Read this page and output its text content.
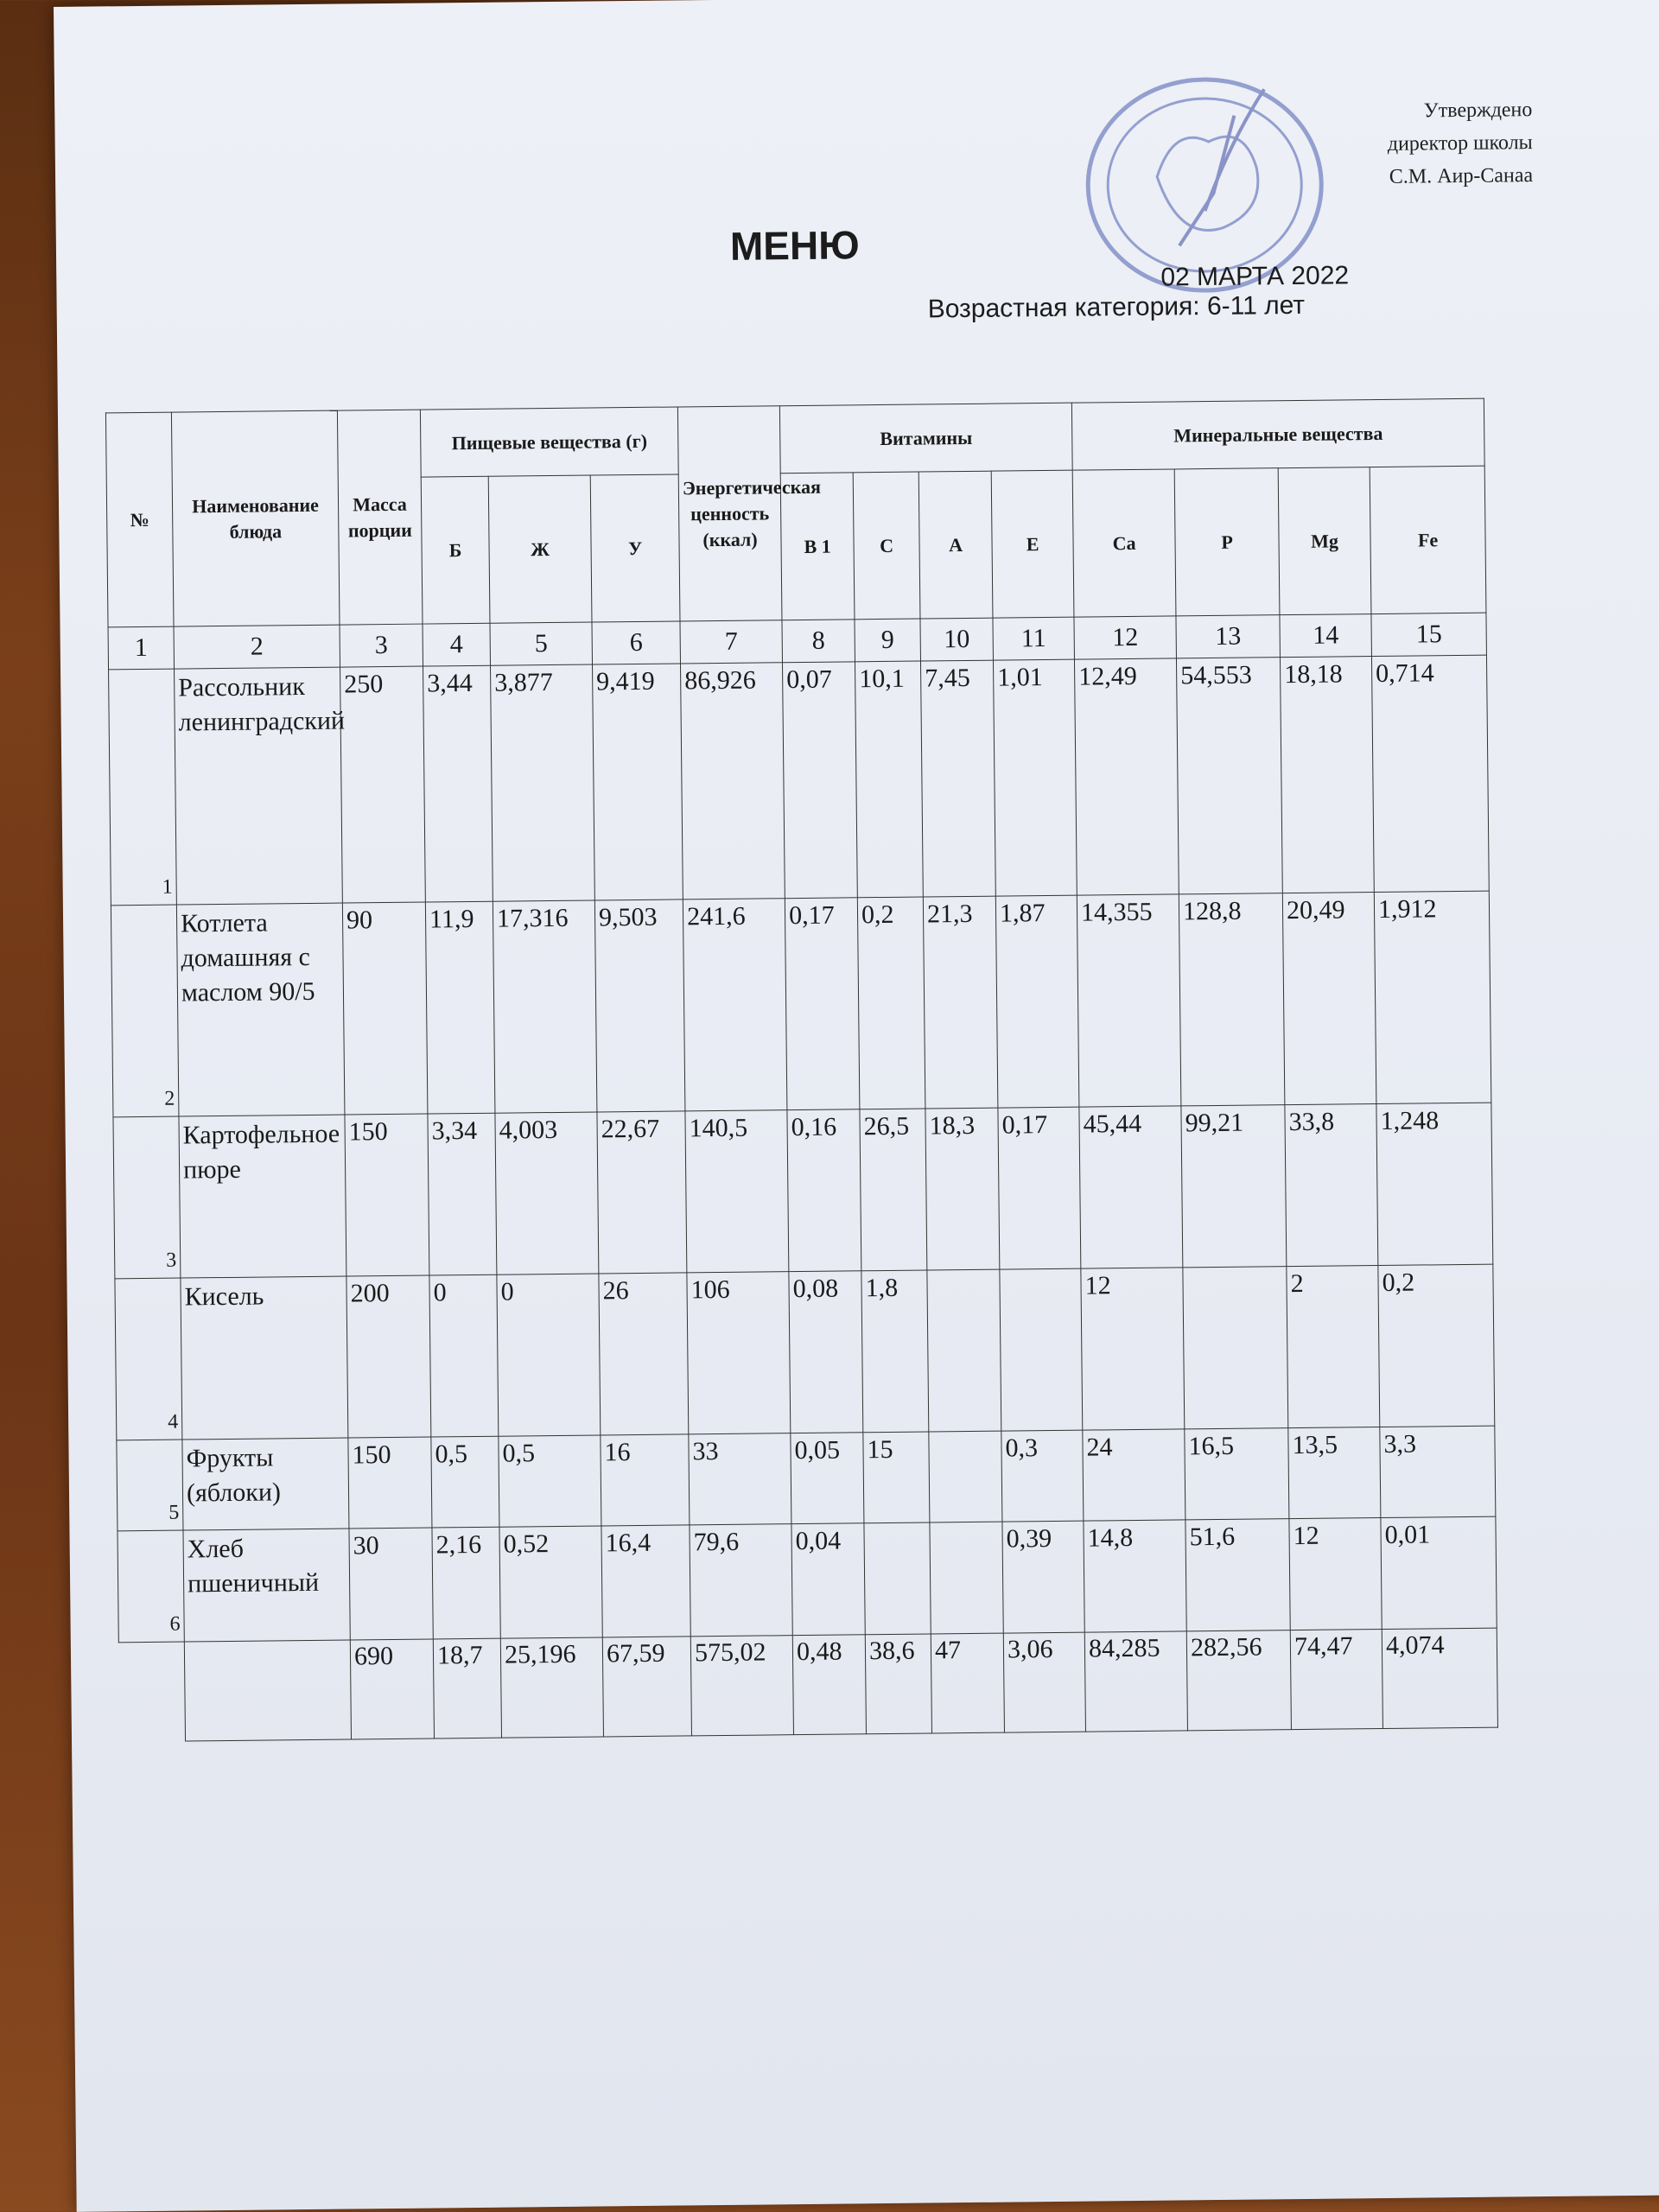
Утверждено
директор школы
С.М. Аир-Санаа
МЕНЮ
02 МАРТА 2022
Возрастная категория: 6-11 лет
№	Наименование блюда	Масса порции	Пищевые вещества (г)			Энергетическая ценность (ккал)	Витамины				Минеральные вещества			
			Б	Ж	У		В 1	С	А	Е	Ca	P	Mg	Fe
1	2	3	4	5	6	7	8	9	10	11	12	13	14	15
1	Рассольник ленинградский	250	3,44	3,877	9,419	86,926	0,07	10,1	7,45	1,01	12,49	54,553	18,18	0,714
2	Котлета домашняя с маслом 90/5	90	11,9	17,316	9,503	241,6	0,17	0,2	21,3	1,87	14,355	128,8	20,49	1,912
3	Картофельное пюре	150	3,34	4,003	22,67	140,5	0,16	26,5	18,3	0,17	45,44	99,21	33,8	1,248
4	Кисель	200	0	0	26	106	0,08	1,8			12		2	0,2
5	Фрукты (яблоки)	150	0,5	0,5	16	33	0,05	15		0,3	24	16,5	13,5	3,3
6	Хлеб пшеничный	30	2,16	0,52	16,4	79,6	0,04			0,39	14,8	51,6	12	0,01
		690	18,7	25,196	67,59	575,02	0,48	38,6	47	3,06	84,285	282,56	74,47	4,074
